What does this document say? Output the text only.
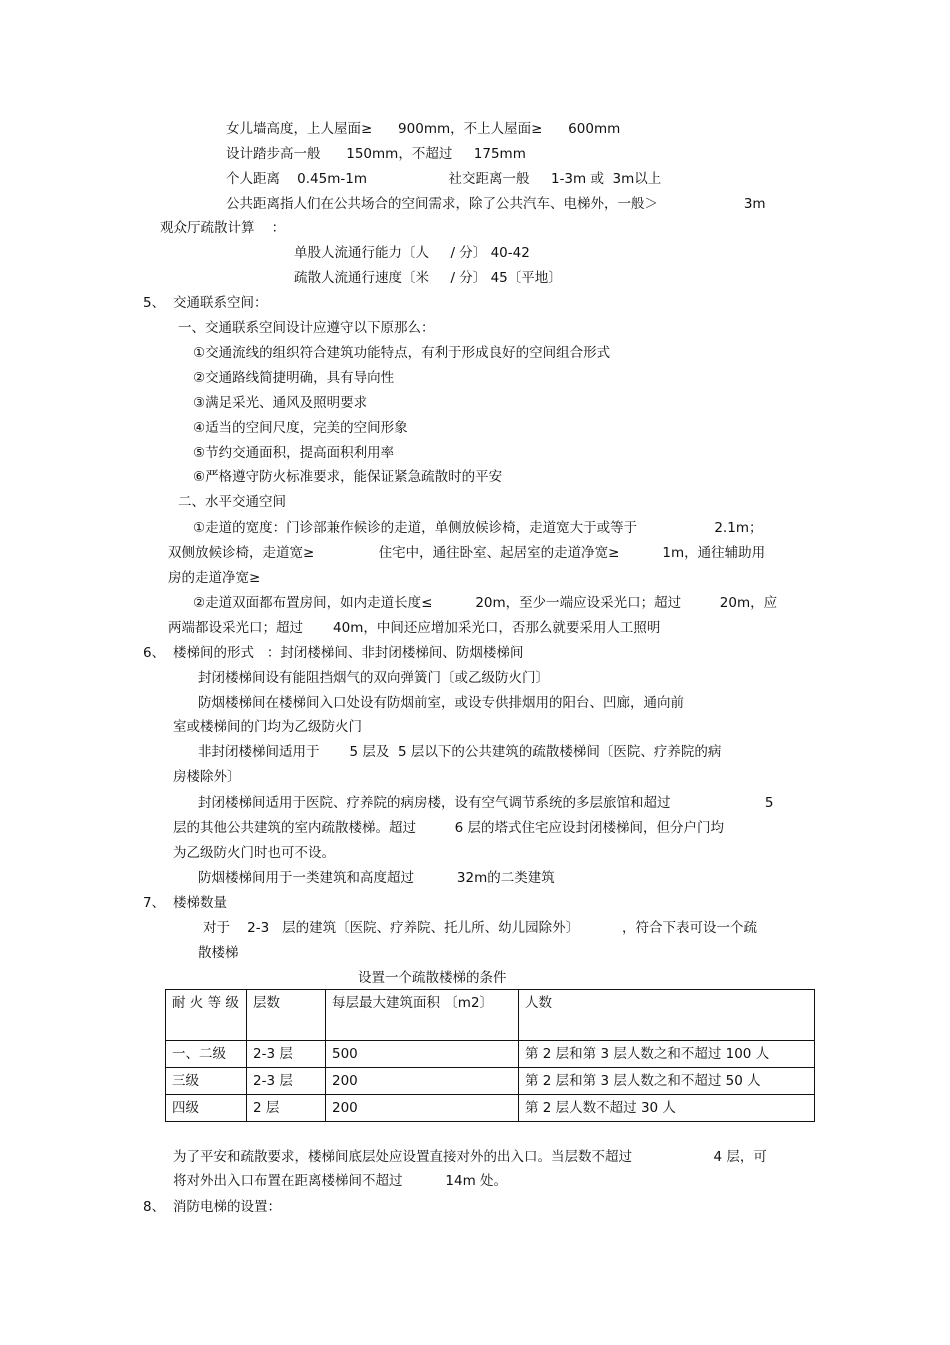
女儿墙高度，上人屋面≥      900mm，不上人屋面≥      600mm
设计踏步高一般      150mm，不超过     175mm
个人距离    0.45m-1m                   社交距离一般     1-3m 或  3m以上
公共距离指人们在公共场合的空间需求，除了公共汽车、电梯外，一般＞                    3m
观众厅疏散计算    ：
单股人流通行能力〔人     / 分〕 40-42
疏散人流通行速度〔米     / 分〕 45〔平地〕
5、 交通联系空间：
一、交通联系空间设计应遵守以下原那么：
①交通流线的组织符合建筑功能特点，有利于形成良好的空间组合形式
②交通路线简捷明确，具有导向性
③满足采光、通风及照明要求
④适当的空间尺度，完美的空间形象
⑤节约交通面积，提高面积利用率
⑥严格遵守防火标准要求，能保证紧急疏散时的平安
二、水平交通空间
①走道的宽度：门诊部兼作候诊的走道，单侧放候诊椅，走道宽大于或等于                  2.1m；
双侧放候诊椅，走道宽≥               住宅中，通往卧室、起居室的走道净宽≥          1m，通往辅助用
房的走道净宽≥
②走道双面都布置房间，如内走道长度≤          20m，至少一端应设采光口；超过         20m，应
两端都设采光口；超过       40m，中间还应增加采光口，否那么就要采用人工照明
6、 楼梯间的形式   ：封闭楼梯间、非封闭楼梯间、防烟楼梯间
封闭楼梯间设有能阻挡烟气的双向弹簧门〔或乙级防火门〕
防烟楼梯间在楼梯间入口处设有防烟前室，或设专供排烟用的阳台、凹廊，通向前
室或楼梯间的门均为乙级防火门
非封闭楼梯间适用于       5 层及  5 层以下的公共建筑的疏散楼梯间〔医院、疗养院的病
房楼除外〕
封闭楼梯间适用于医院、疗养院的病房楼，设有空气调节系统的多层旅馆和超过                      5
层的其他公共建筑的室内疏散楼梯。超过         6 层的塔式住宅应设封闭楼梯间，但分户门均
为乙级防火门时也可不设。
防烟楼梯间用于一类建筑和高度超过          32m的二类建筑
7、 楼梯数量
对于    2-3   层的建筑〔医院、疗养院、托儿所、幼儿园除外〕          ，符合下表可设一个疏
散楼梯
设置一个疏散楼梯的条件
耐 火 等 级	层数	每层最大建筑面积 〔m2〕	人数
一、二级	2-3 层	500	第 2 层和第 3 层人数之和不超过 100 人
三级	2-3 层	200	第 2 层和第 3 层人数之和不超过 50 人
四级	2 层	200	第 2 层人数不超过 30 人
为了平安和疏散要求，楼梯间底层处应设置直接对外的出入口。当层数不超过                   4 层，可
将对外出入口布置在距离楼梯间不超过          14m 处。
8、 消防电梯的设置：
